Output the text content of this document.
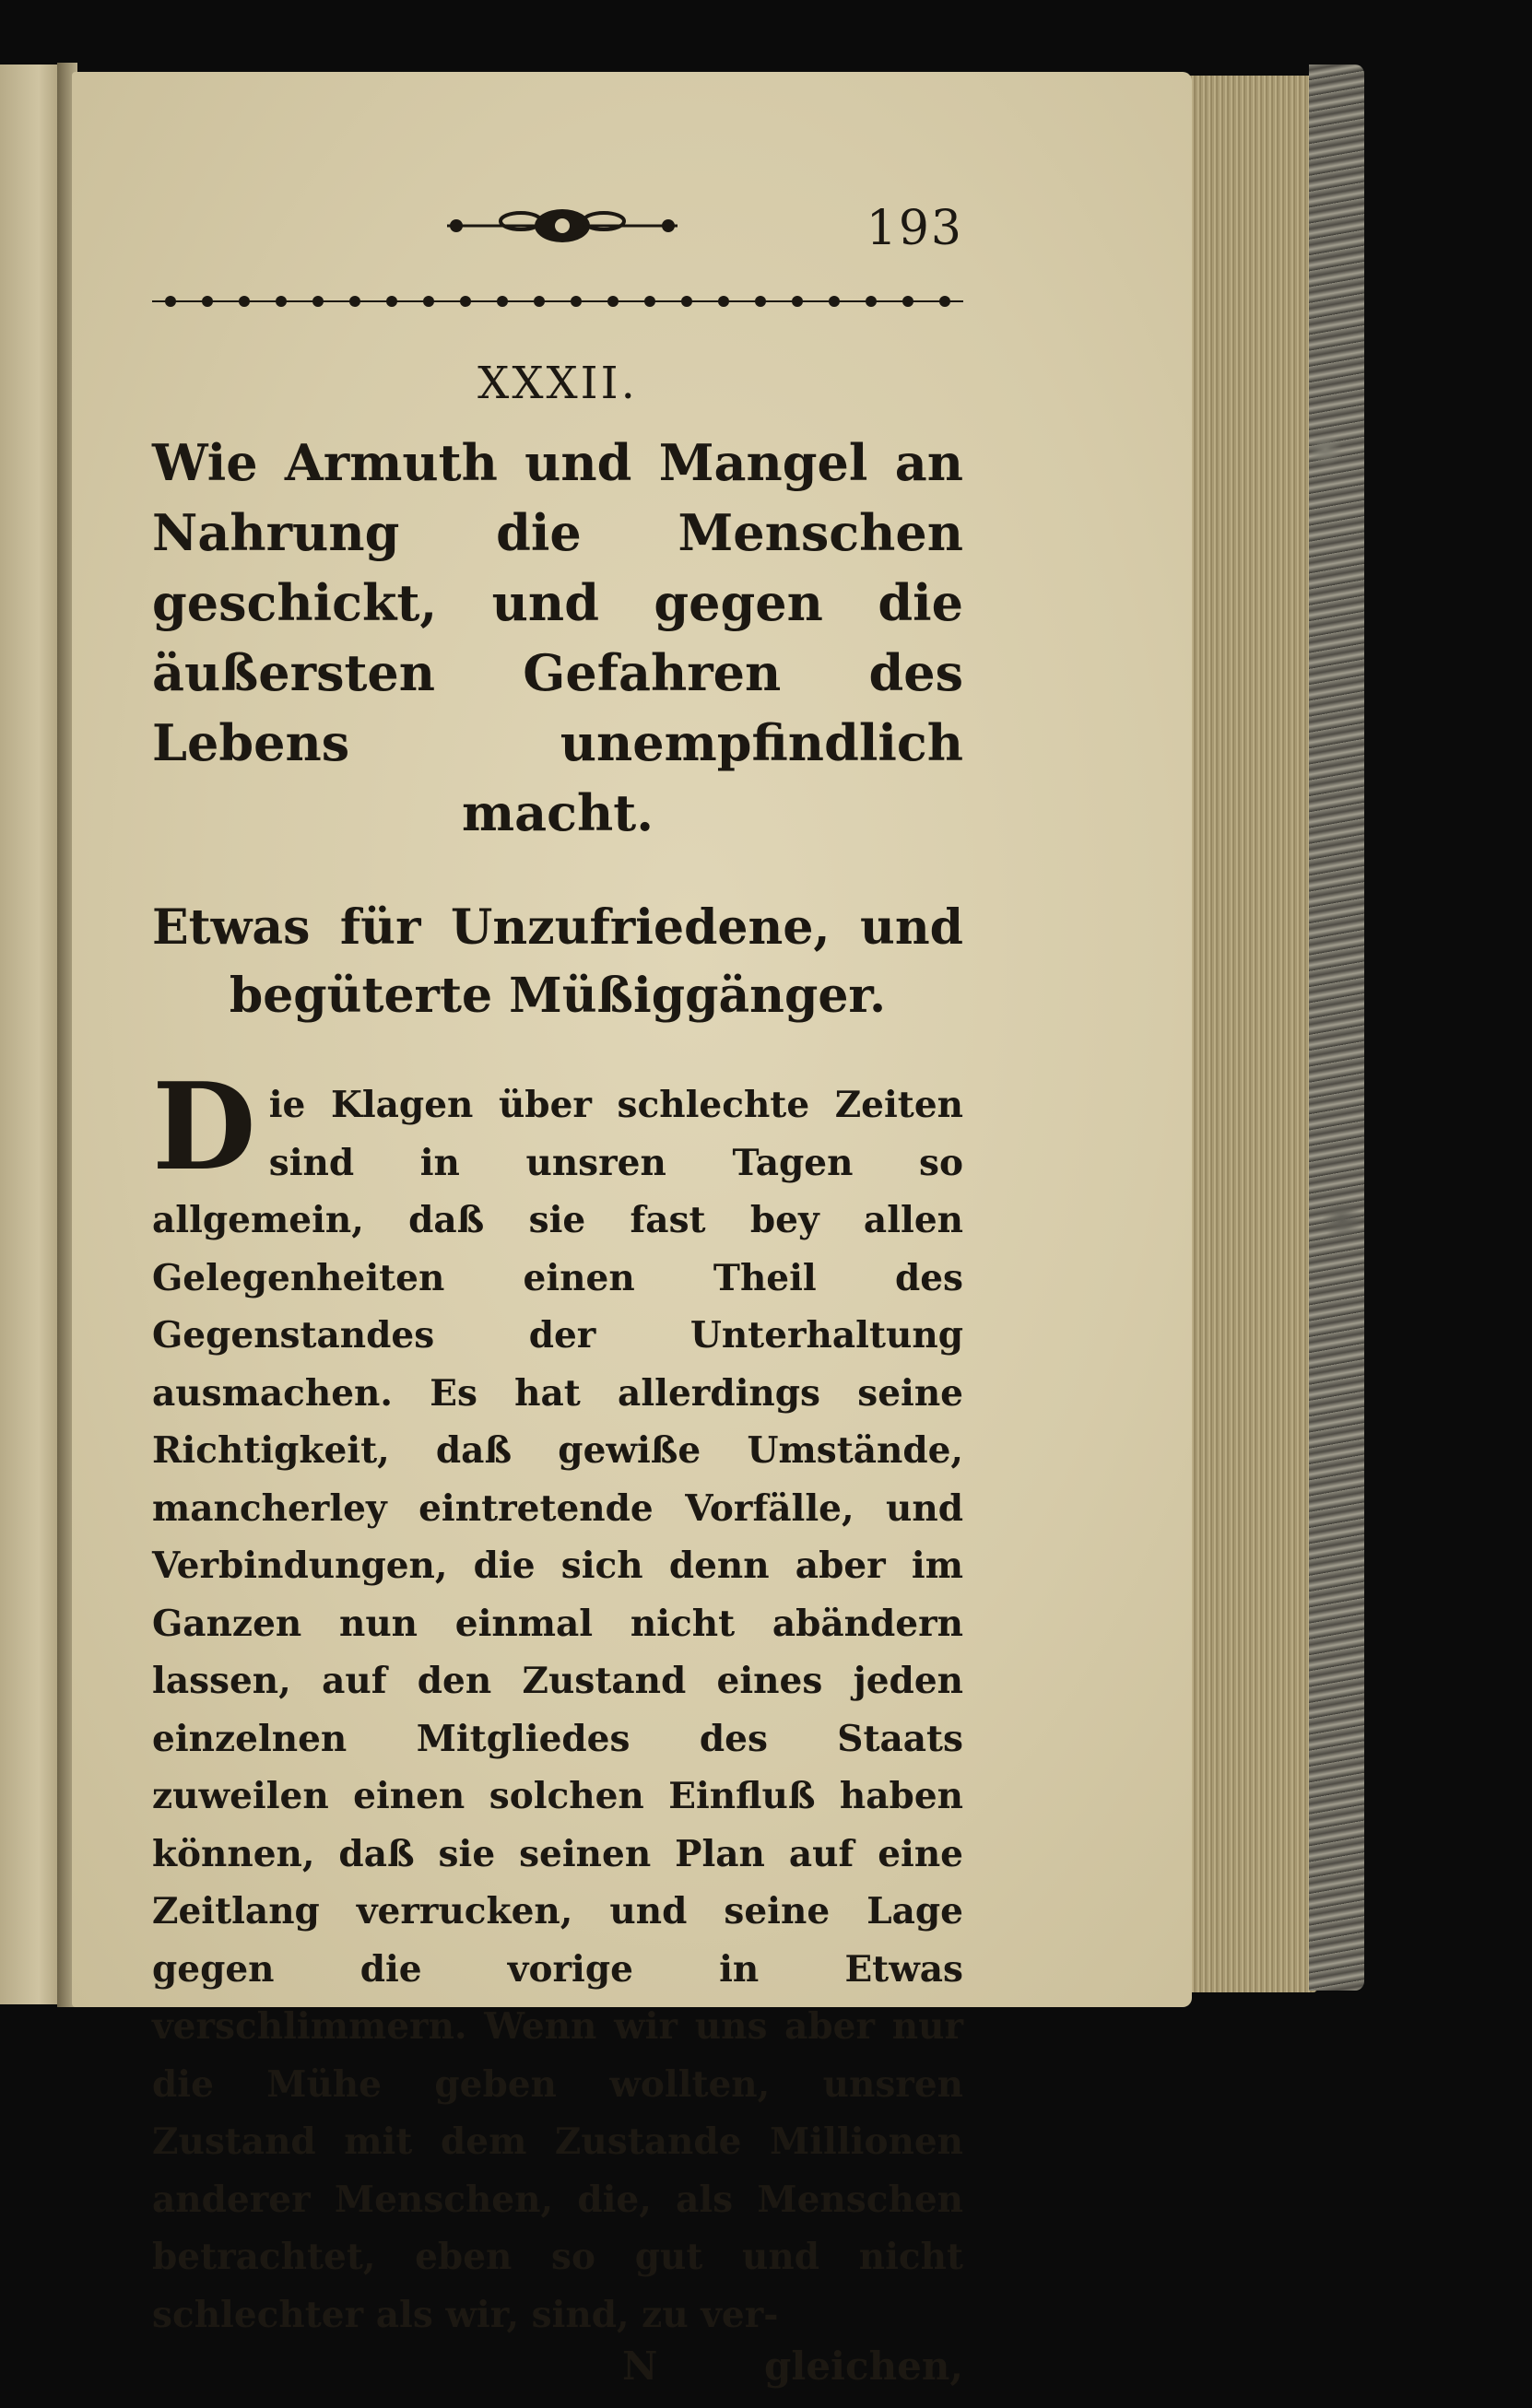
193
XXXII.
Wie Armuth und Mangel an Nahrung die Menschen geschickt, und gegen die äußersten Gefahren des Lebens unempfindlich macht.
Etwas für Unzufriedene, und begüterte Müßiggänger.
D ie Klagen über schlechte Zeiten sind in unsren Tagen so allgemein, daß sie fast bey allen Gelegenheiten einen Theil des Gegenstandes der Unterhaltung ausmachen. Es hat allerdings seine Richtigkeit, daß gewiße Umstände, mancherley eintretende Vorfälle, und Verbindungen, die sich denn aber im Ganzen nun einmal nicht abändern lassen, auf den Zustand eines jeden einzelnen Mitgliedes des Staats zuweilen einen solchen Einfluß haben können, daß sie seinen Plan auf eine Zeitlang verrucken, und seine Lage gegen die vorige in Etwas verschlimmern. Wenn wir uns aber nur die Mühe geben wollten, unsren Zustand mit dem Zustande Millionen anderer Menschen, die, als Menschen betrachtet, eben so gut und nicht schlechter als wir, sind, zu ver-
N	gleichen,
